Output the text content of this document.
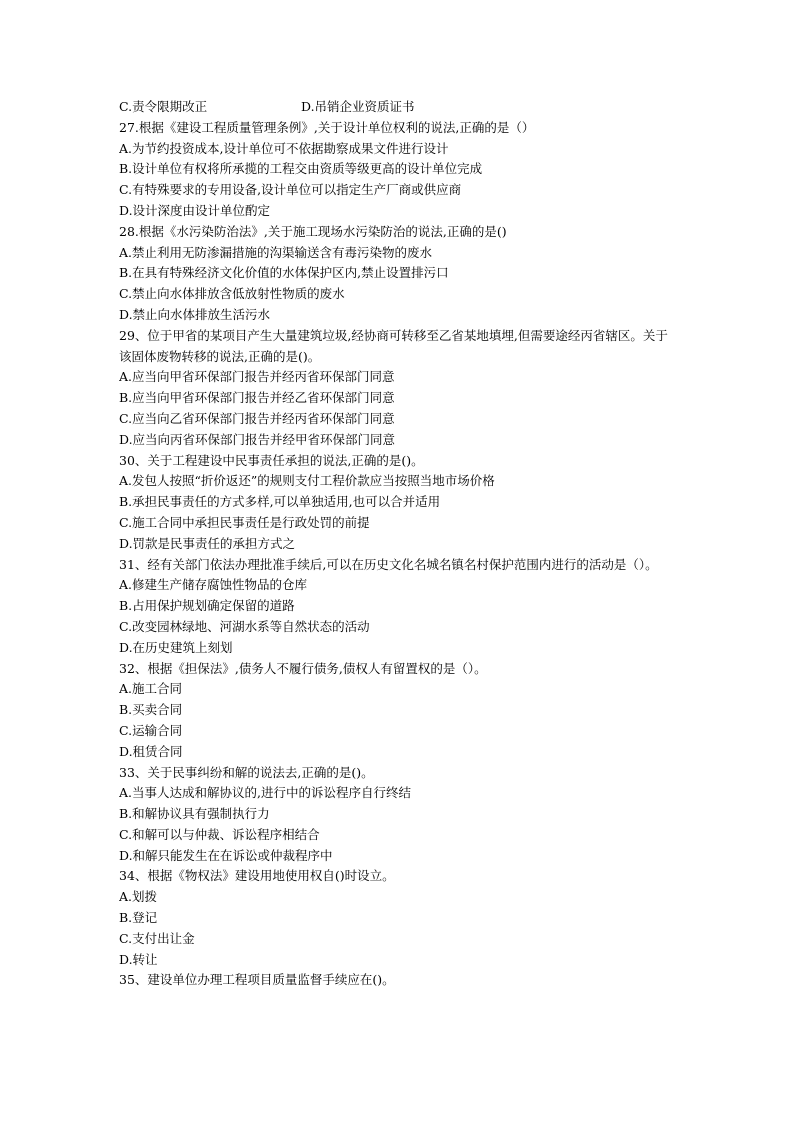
C.责令限期改正	D.吊销企业资质证书
27.根据《建设工程质量管理条例》,关于设计单位权利的说法,正确的是（）
A.为节约投资成本,设计单位可不依据勘察成果文件进行设计
B.设计单位有权将所承揽的工程交由资质等级更高的设计单位完成
C.有特殊要求的专用设备,设计单位可以指定生产厂商或供应商
D.设计深度由设计单位酌定
28.根据《水污染防治法》,关于施工现场水污染防治的说法,正确的是()
A.禁止利用无防渗漏措施的沟渠输送含有毒污染物的废水
B.在具有特殊经济文化价值的水体保护区内,禁止设置排污口
C.禁止向水体排放含低放射性物质的废水
D.禁止向水体排放生活污水
29、位于甲省的某项目产生大量建筑垃圾,经协商可转移至乙省某地填埋,但需要途经丙省辖区。关于该固体废物转移的说法,正确的是()。
A.应当向甲省环保部门报告并经丙省环保部门同意
B.应当向甲省环保部门报告并经乙省环保部门同意
C.应当向乙省环保部门报告并经丙省环保部门同意
D.应当向丙省环保部门报告并经甲省环保部门同意
30、关于工程建设中民事责任承担的说法,正确的是()。
A.发包人按照“折价返还”的规则支付工程价款应当按照当地市场价格
B.承担民事责任的方式多样,可以单独适用,也可以合并适用
C.施工合同中承担民事责任是行政处罚的前提
D.罚款是民事责任的承担方式之
31、经有关部门依法办理批准手续后,可以在历史文化名城名镇名村保护范围内进行的活动是（）。
A.修建生产储存腐蚀性物品的仓库
B.占用保护规划确定保留的道路
C.改变园林绿地、河湖水系等自然状态的活动
D.在历史建筑上刻划
32、根据《担保法》,债务人不履行债务,债权人有留置权的是（）。
A.施工合同
B.买卖合同
C.运输合同
D.租赁合同
33、关于民事纠纷和解的说法去,正确的是()。
A.当事人达成和解协议的,进行中的诉讼程序自行终结
B.和解协议具有强制执行力
C.和解可以与仲裁、诉讼程序相结合
D.和解只能发生在在诉讼或仲裁程序中
34、根据《物权法》建设用地使用权自()时设立。
A.划拨
B.登记
C.支付出让金
D.转让
35、建设单位办理工程项目质量监督手续应在()。
